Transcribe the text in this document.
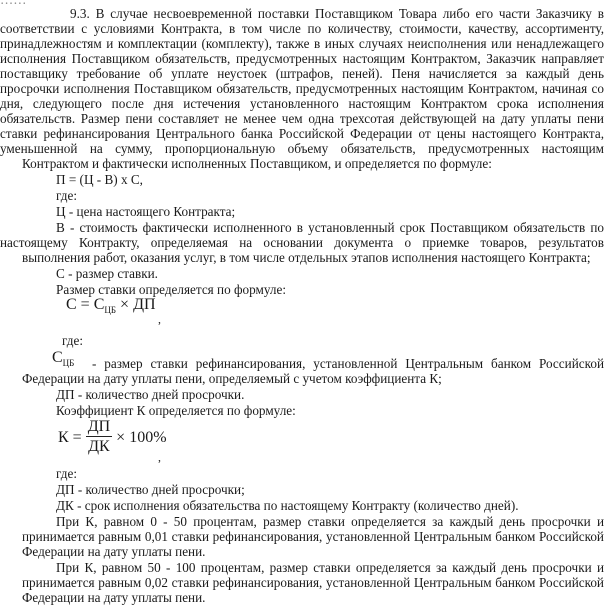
9.3. В случае несвоевременной поставки Поставщиком Товара либо его части Заказчику в
соответствии с условиями Контракта, в том числе по количеству, стоимости, качеству, ассортименту,
принадлежностям и комплектации (комплекту), также в иных случаях неисполнения или ненадлежащего
исполнения Поставщиком обязательств, предусмотренных настоящим Контрактом, Заказчик направляет
поставщику требование об уплате неустоек (штрафов, пеней). Пеня начисляется за каждый день
просрочки исполнения Поставщиком обязательств, предусмотренных настоящим Контрактом, начиная со
дня, следующего после дня истечения установленного настоящим Контрактом срока исполнения
обязательств. Размер пени составляет не менее чем одна трехсотая действующей на дату уплаты пени
ставки рефинансирования Центрального банка Российской Федерации от цены настоящего Контракта,
уменьшенной на сумму, пропорциональную объему обязательств, предусмотренных настоящим
Контрактом и фактически исполненных Поставщиком, и определяется по формуле:
П = (Ц - В) x С,
где:
Ц - цена настоящего Контракта;
В - стоимость фактически исполненного в установленный срок Поставщиком обязательств по
настоящему Контракту, определяемая на основании документа о приемке товаров, результатов
выполнения работ, оказания услуг, в том числе отдельных этапов исполнения настоящего Контракта;
С - размер ставки.
Размер ставки определяется по формуле:
$С = С_{ЦБ}$ × ДП
,
где:
$С_{ЦБ}$ - размер ставки рефинансирования, установленной Центральным банком Российской
Федерации на дату уплаты пени, определяемый с учетом коэффициента К;
ДП - количество дней просрочки.
Коэффициент К определяется по формуле:
$К = \frac{ДП}{ДК} \times 100\%$
,
где:
ДП - количество дней просрочки;
ДК - срок исполнения обязательства по настоящему Контракту (количество дней).
При К, равном 0 - 50 процентам, размер ставки определяется за каждый день просрочки и
принимается равным 0,01 ставки рефинансирования, установленной Центральным банком Российской
Федерации на дату уплаты пени.
При К, равном 50 - 100 процентам, размер ставки определяется за каждый день просрочки и
принимается равным 0,02 ставки рефинансирования, установленной Центральным банком Российской
Федерации на дату уплаты пени.
